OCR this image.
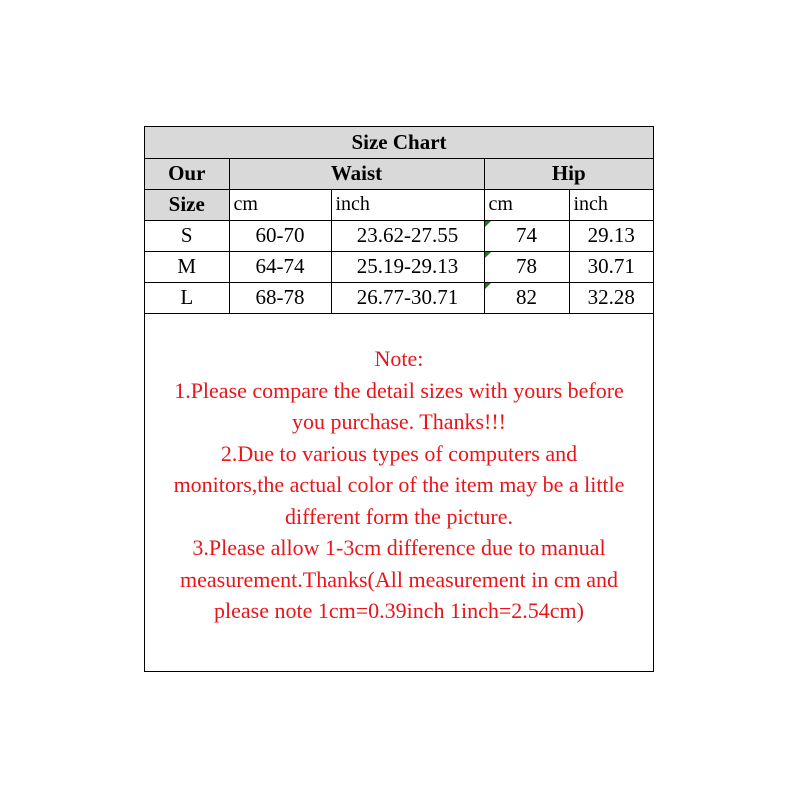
Size Chart				
Our	Waist		Hip	
Size	cm	inch	cm	inch
S	60-70	23.62-27.55	74	29.13
M	64-74	25.19-29.13	78	30.71
L	68-78	26.77-30.71	82	32.28
Note:
1.Please compare the detail sizes with yours before
you purchase. Thanks!!!
2.Due to various types of computers and
monitors,the actual color of the item may be a little
different form the picture.
3.Please allow 1-3cm difference due to manual
measurement.Thanks(All measurement in cm and
please note 1cm=0.39inch 1inch=2.54cm)
